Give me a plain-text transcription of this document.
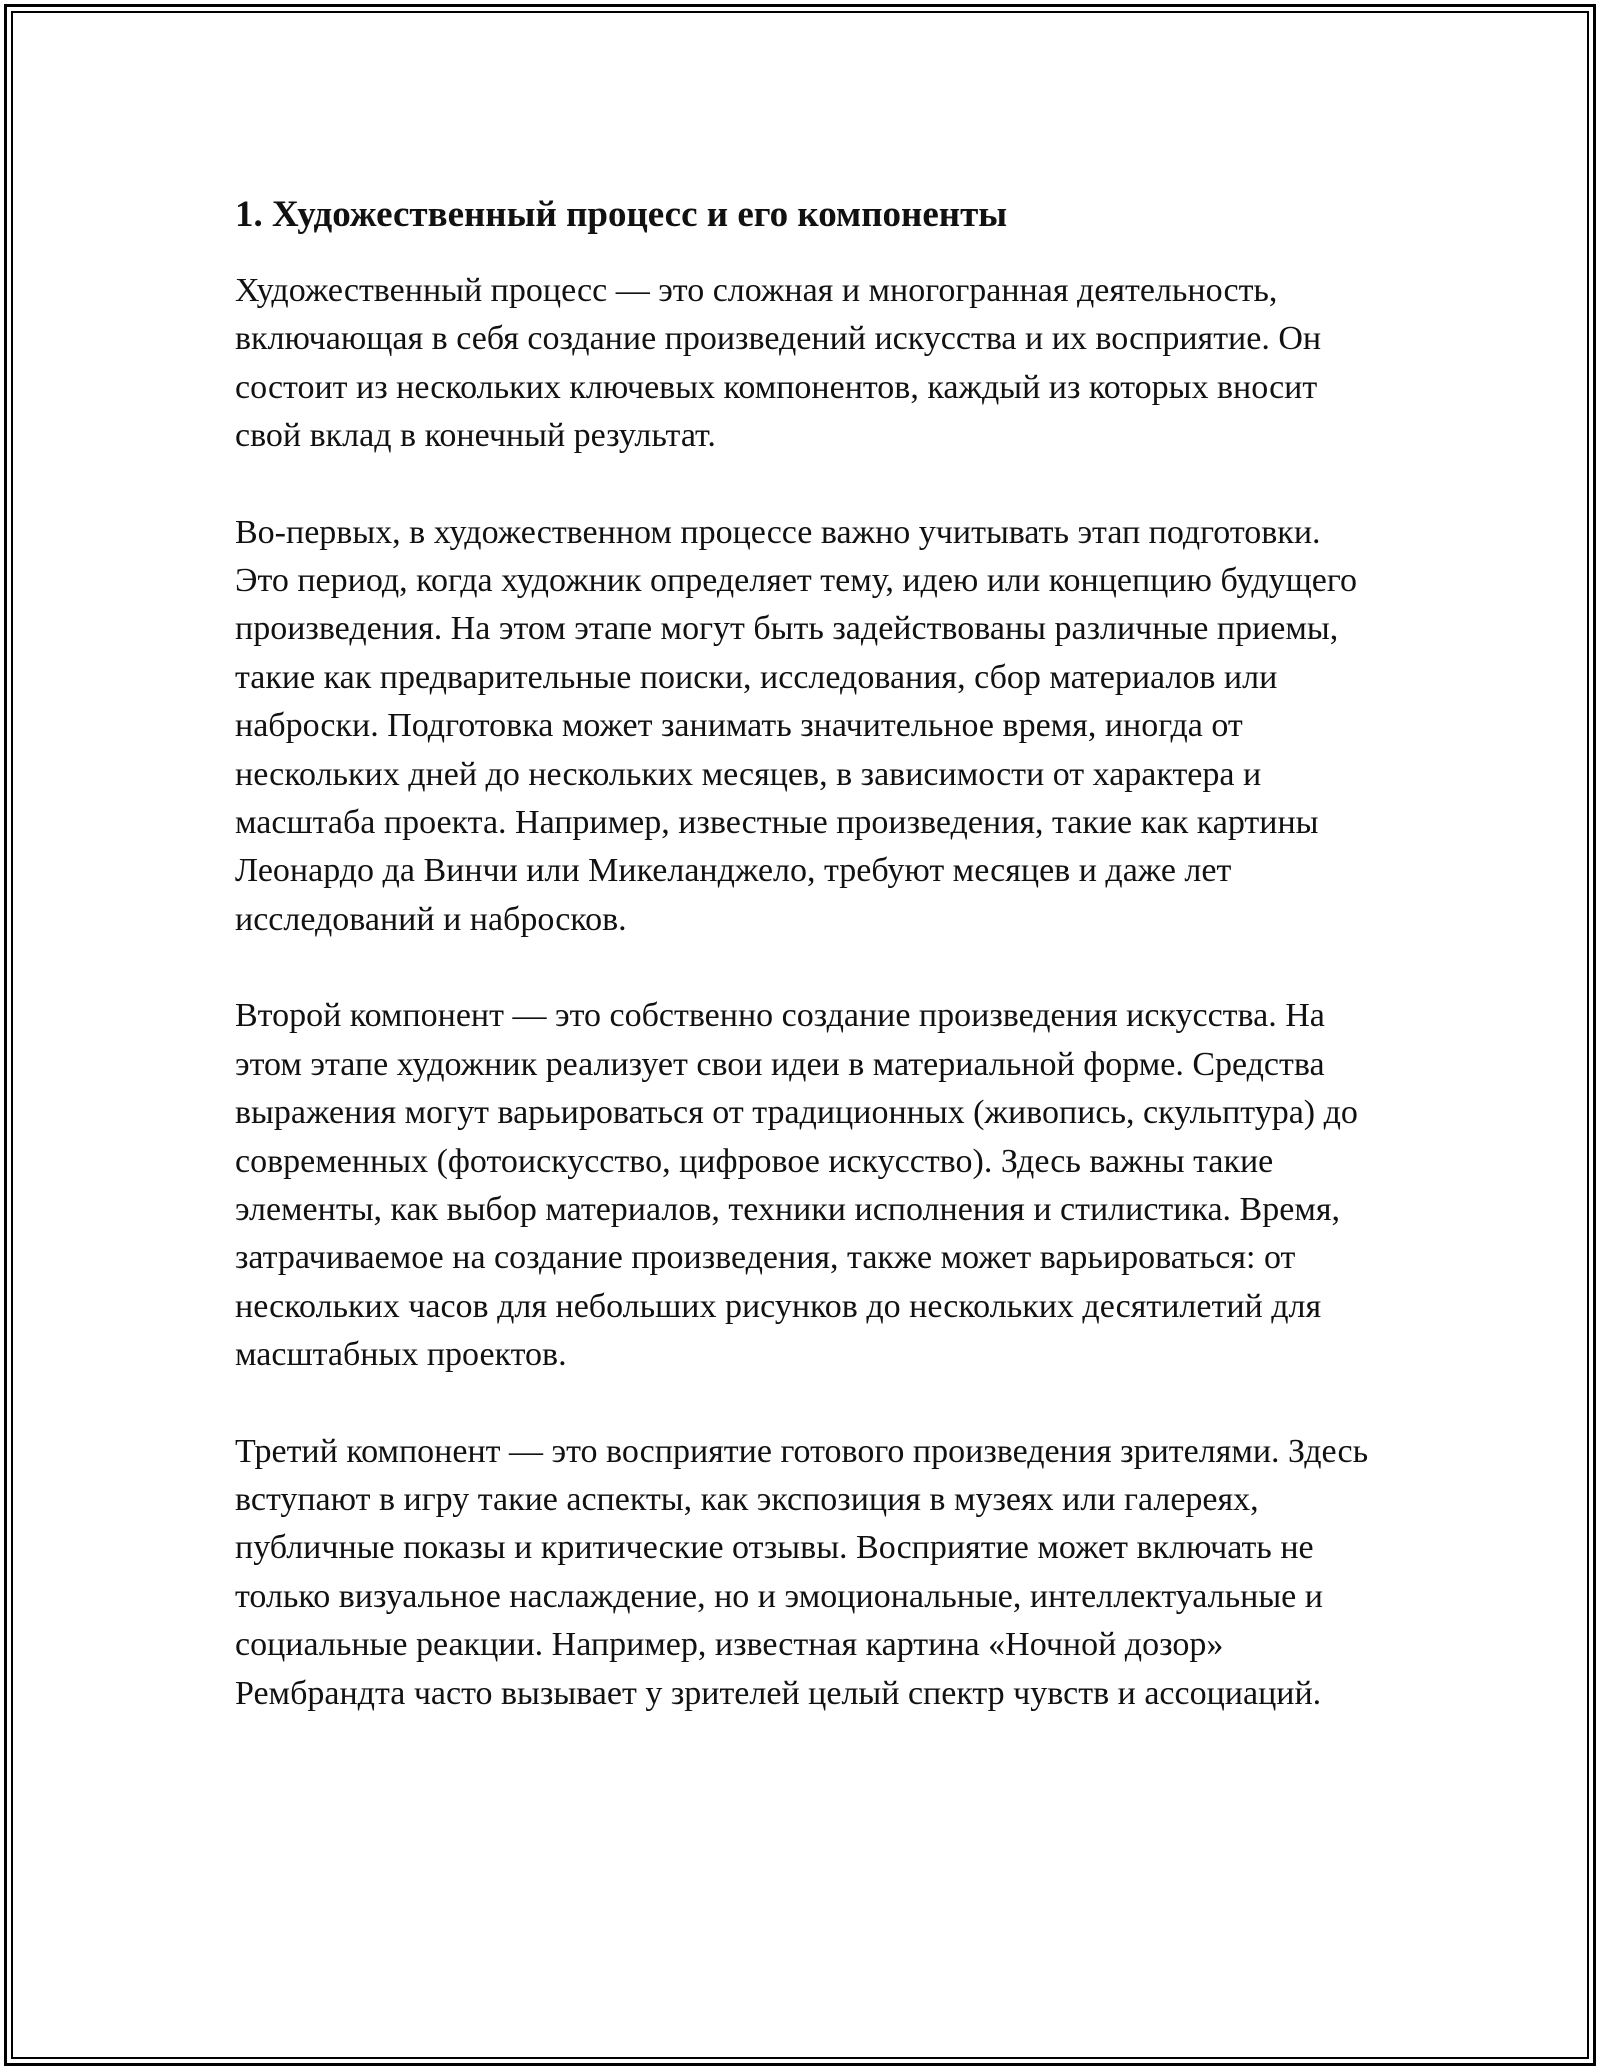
1. Художественный процесс и его компоненты

Художественный процесс — это сложная и многогранная деятельность, включающая в себя создание произведений искусства и их восприятие. Он состоит из нескольких ключевых компонентов, каждый из которых вносит свой вклад в конечный результат.

Во-первых, в художественном процессе важно учитывать этап подготовки. Это период, когда художник определяет тему, идею или концепцию будущего произведения. На этом этапе могут быть задействованы различные приемы, такие как предварительные поиски, исследования, сбор материалов или наброски. Подготовка может занимать значительное время, иногда от нескольких дней до нескольких месяцев, в зависимости от характера и масштаба проекта. Например, известные произведения, такие как картины Леонардо да Винчи или Микеланджело, требуют месяцев и даже лет исследований и набросков.

Второй компонент — это собственно создание произведения искусства. На этом этапе художник реализует свои идеи в материальной форме. Средства выражения могут варьироваться от традиционных (живопись, скульптура) до современных (фотоискусство, цифровое искусство). Здесь важны такие элементы, как выбор материалов, техники исполнения и стилистика. Время, затрачиваемое на создание произведения, также может варьироваться: от нескольких часов для небольших рисунков до нескольких десятилетий для масштабных проектов.

Третий компонент — это восприятие готового произведения зрителями. Здесь вступают в игру такие аспекты, как экспозиция в музеях или галереях, публичные показы и критические отзывы. Восприятие может включать не только визуальное наслаждение, но и эмоциональные, интеллектуальные и социальные реакции. Например, известная картина «Ночной дозор» Рембрандта часто вызывает у зрителей целый спектр чувств и ассоциаций.
